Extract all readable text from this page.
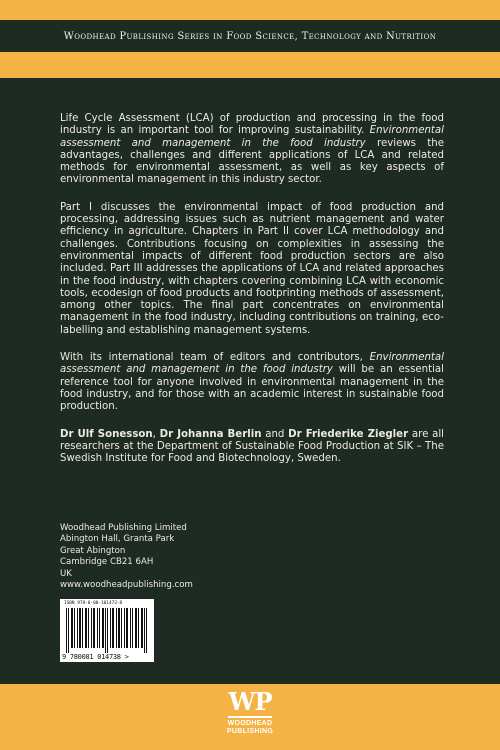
Woodhead Publishing Series in Food Science, Technology and Nutrition

Life Cycle Assessment (LCA) of production and processing in the food industry is an important tool for improving sustainability. Environmental assessment and management in the food industry reviews the advantages, challenges and different applications of LCA and related methods for environmental assessment, as well as key aspects of environmental management in this industry sector.

Part I discusses the environmental impact of food production and processing, addressing issues such as nutrient management and water efficiency in agriculture. Chapters in Part II cover LCA methodology and challenges. Contributions focusing on complexities in assessing the environmental impacts of different food production sectors are also included. Part III addresses the applications of LCA and related approaches in the food industry, with chapters covering combining LCA with economic tools, ecodesign of food products and footprinting methods of assessment, among other topics. The final part concentrates on environmental management in the food industry, including contributions on training, eco-labelling and establishing management systems.

With its international team of editors and contributors, Environmental assessment and management in the food industry will be an essential reference tool for anyone involved in environmental management in the food industry, and for those with an academic interest in sustainable food production.

Dr Ulf Sonesson, Dr Johanna Berlin and Dr Friederike Ziegler are all researchers at the Department of Sustainable Food Production at SIK – The Swedish Institute for Food and Biotechnology, Sweden.

Woodhead Publishing Limited
Abington Hall, Granta Park
Great Abington
Cambridge CB21 6AH
UK
www.woodheadpublishing.com
ISBN 978-0-08-101473-8
9 780081 014738 >
WP
WOODHEAD
PUBLISHING
